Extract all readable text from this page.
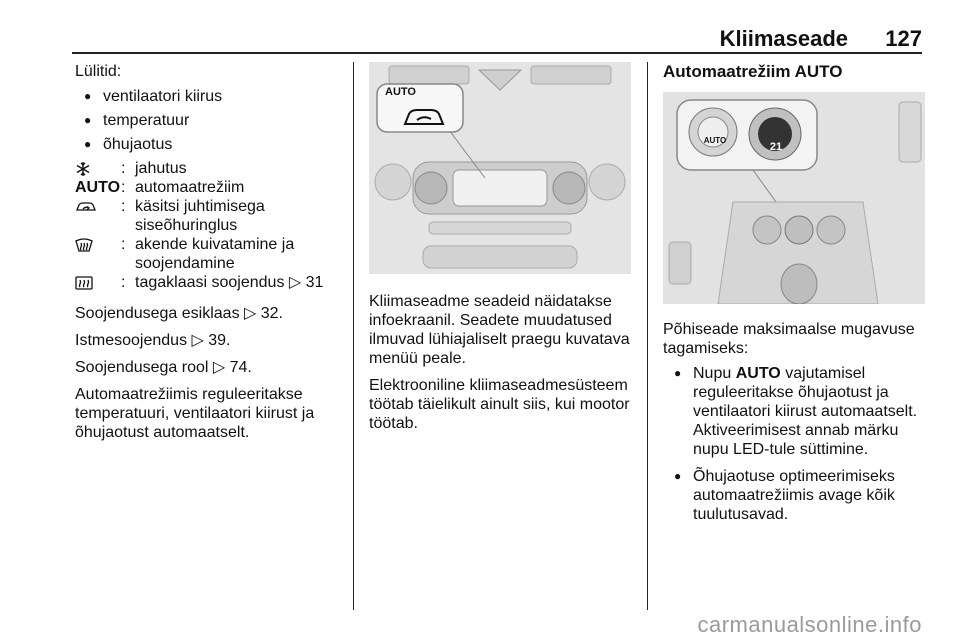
Kliimaseade 127

Lülitid:

● ventilaatori kiirus
● temperatuur
● õhujaotus
: jahutus
AUTO : automaatrežiim
: käsitsi juhtimisega siseõhuringlus
: akende kuivatamine ja soojendamine
: tagaklaasi soojendus ▷ 31

Soojendusega esiklaas ▷ 32.

Istmesoojendus ▷ 39.

Soojendusega rool ▷ 74.

Automaatrežiimis reguleeritakse temperatuuri, ventilaatori kiirust ja õhujaotust automaatselt.

AUTO

Kliimaseadme seadeid näidatakse infoekraanil. Seadete muudatused ilmuvad lühiajaliselt praegu kuvatava menüü peale.

Elektrooniline kliimaseadmesüsteem töötab täielikult ainult siis, kui mootor töötab.

Automaatrežiim AUTO
AUTO
21

Põhiseade maksimaalse mugavuse tagamiseks:

● Nupu AUTO vajutamisel reguleeritakse õhujaotust ja ventilaatori kiirust automaatselt. Aktiveerimisest annab märku nupu LED-tule süttimine.
● Õhujaotuse optimeerimiseks automaatrežiimis avage kõik tuulutusavad.
carmanualsonline.info
